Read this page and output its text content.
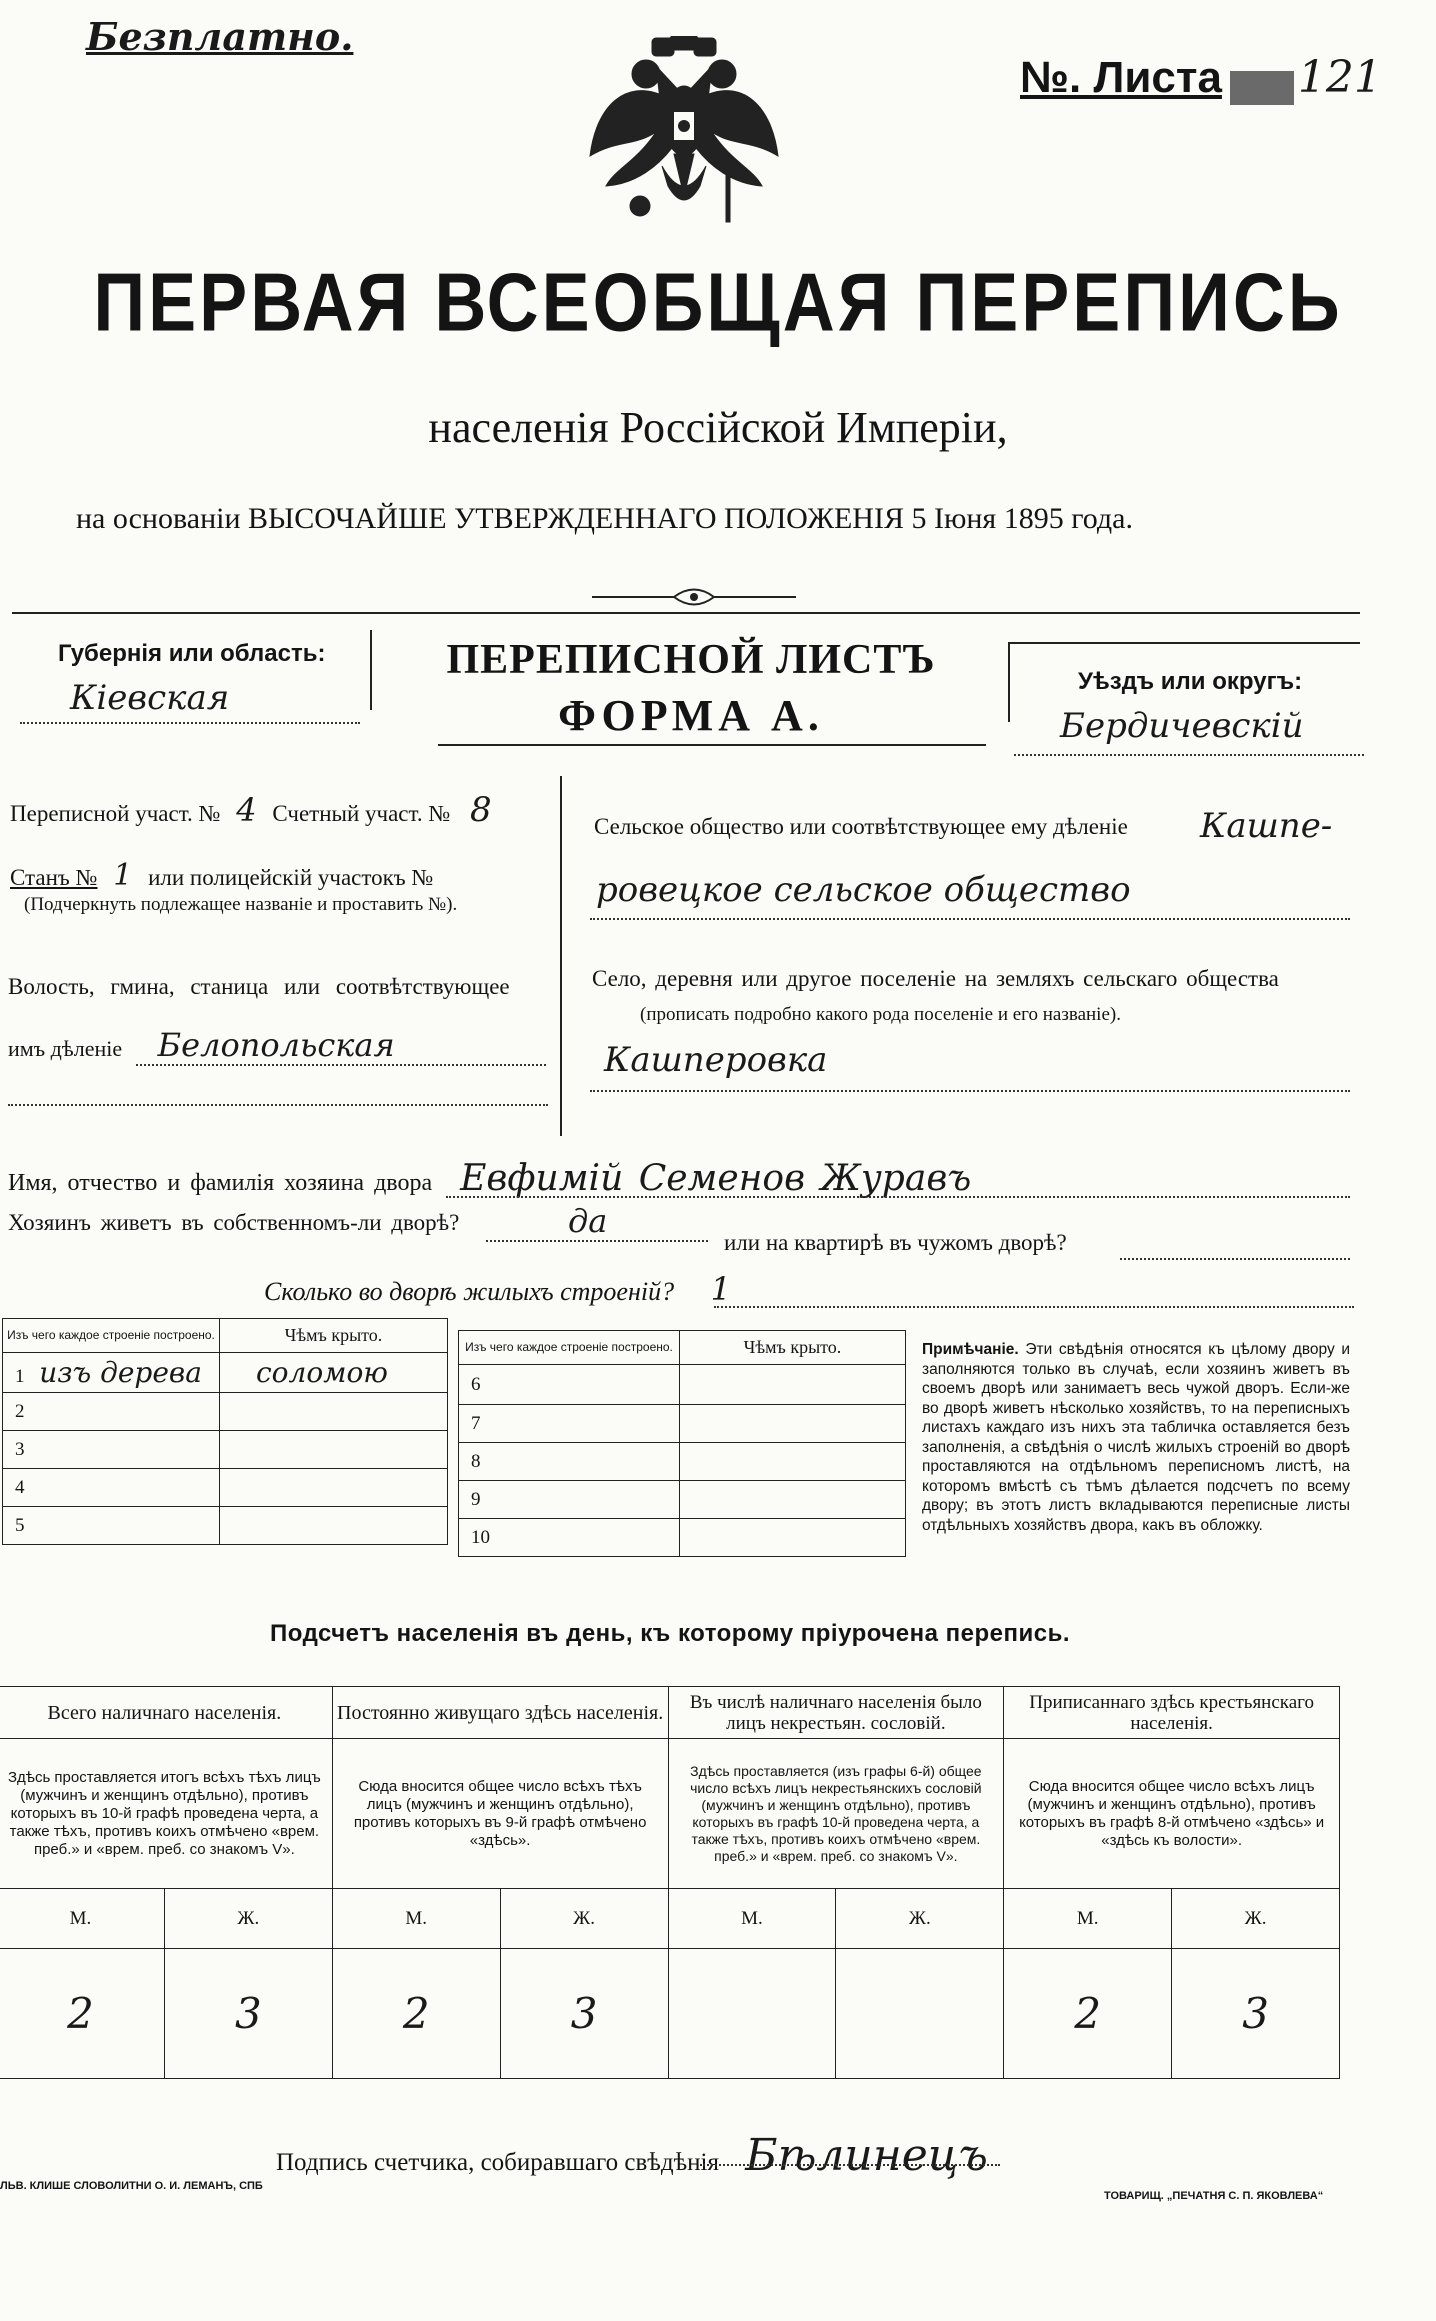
Безплатно.
№. Листа 121
ПЕРВАЯ ВСЕОБЩАЯ ПЕРЕПИСЬ
населенія Россійской Имперіи,
на основаніи ВЫСОЧАЙШЕ УТВЕРЖДЕННАГО ПОЛОЖЕНІЯ 5 Іюня 1895 года.
Губернія или область:
Кіевская
ПЕРЕПИСНОЙ ЛИСТЪ
ФОРМА А.
Уѣздъ или округъ:
Бердичевскій
Переписной участ. № 4 Счетный участ. № 8
Станъ № 1 или полицейскій участокъ №
(Подчеркнуть подлежащее названіе и проставить №).
Волость, гмина, станица или соотвѣтствующее
имъ дѣленіе Белопольская
Сельское общество или соотвѣтствующее ему дѣленіе Кашпе-
ровецкое сельское общество
Село, деревня или другое поселеніе на земляхъ сельскаго общества
(прописать подробно какого рода поселеніе и его названіе).
Кашперовка
Имя, отчество и фамилія хозяина двора Евфимій Семенов Журавъ
Хозяинъ живетъ въ собственномъ-ли дворѣ?	да
или на квартирѣ въ чужомъ дворѣ?
Сколько во дворѣ жилыхъ строеній? 1
Изъ чего каждое строеніе построено.	Чѣмъ крыто.
1 изъ дерева	соломою
2	
3	
4	
5	
Изъ чего каждое строеніе построено.	Чѣмъ крыто.
6	
7	
8	
9	
10	
Примѣчаніе. Эти свѣдѣнія относятся къ цѣлому двору и заполняются только въ случаѣ, если хозяинъ живетъ въ своемъ дворѣ или занимаетъ весь чужой дворъ. Если-же во дворѣ живетъ нѣсколько хозяйствъ, то на переписныхъ листахъ каждаго изъ нихъ эта табличка оставляется безъ заполненія, а свѣдѣнія о числѣ жилыхъ строеній во дворѣ проставляются на отдѣльномъ переписномъ листѣ, на которомъ вмѣстѣ съ тѣмъ дѣлается подсчетъ по всему двору; въ этотъ листъ вкладываются переписные листы отдѣльныхъ хозяйствъ двора, какъ въ обложку.
Подсчетъ населенія въ день, къ которому пріурочена перепись.
Всего наличнаго населенія.		Постоянно живущаго здѣсь населенія.		Въ числѣ наличнаго населенія было лицъ некрестьян. сословій.		Приписаннаго здѣсь крестьянскаго населенія.	
Здѣсь проставляется итогъ всѣхъ тѣхъ лицъ (мужчинъ и женщинъ отдѣльно), противъ которыхъ въ 10-й графѣ проведена черта, а также тѣхъ, противъ коихъ отмѣчено «врем. преб.» и «врем. преб. со знакомъ V».		Сюда вносится общее число всѣхъ тѣхъ лицъ (мужчинъ и женщинъ отдѣльно), противъ которыхъ въ 9-й графѣ отмѣчено «здѣсь».		Здѣсь проставляется (изъ графы 6-й) общее число всѣхъ лицъ некрестьянскихъ сословій (мужчинъ и женщинъ отдѣльно), противъ которыхъ въ графѣ 10-й проведена черта, а также тѣхъ, противъ коихъ отмѣчено «врем. преб.» и «врем. преб. со знакомъ V».		Сюда вносится общее число всѣхъ лицъ (мужчинъ и женщинъ отдѣльно), противъ которыхъ въ графѣ 8-й отмѣчено «здѣсь» и «здѣсь къ волости».	
М.	Ж.	М.	Ж.	М.	Ж.	М.	Ж.
2	3	2	3			2	3
Подпись счетчика, собиравшаго свѣдѣнія Бѣлинецъ
ЛЬВ. КЛИШЕ СЛОВОЛИТНИ О. И. ЛЕМАНЪ, СПБ
ТОВАРИЩ. „ПЕЧАТНЯ С. П. ЯКОВЛЕВА“
